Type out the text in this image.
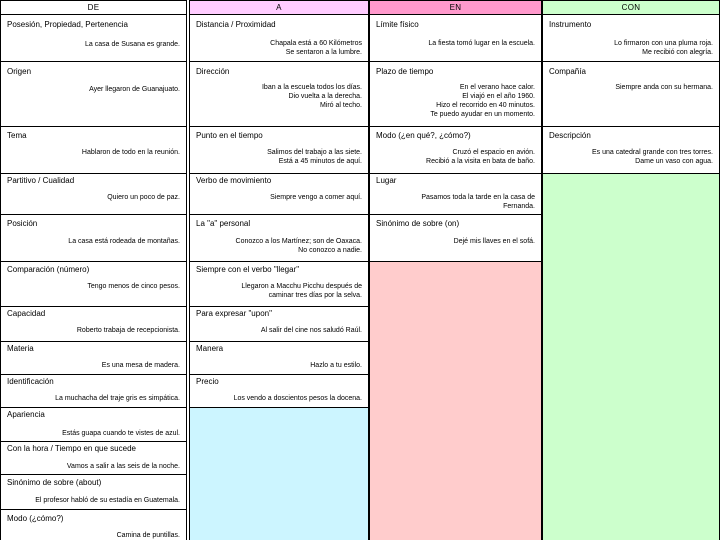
DE
Posesión, Propiedad, Pertenencia
La casa de Susana es grande.
Origen
Ayer llegaron de Guanajuato.
Tema
Hablaron de todo en la reunión.
Partitivo / Cualidad
Quiero un poco de paz.
Posición
La casa está rodeada de montañas.
Comparación (número)
Tengo menos de cinco pesos.
Capacidad
Roberto trabaja de recepcionista.
Materia
Es una mesa de madera.
Identificación
La muchacha del traje gris es simpática.
Apariencia
Estás guapa cuando te vistes de azul.
Con la hora / Tiempo en que sucede
Vamos a salir a las seis de la noche.
Sinónimo de sobre (about)
El profesor habló de su estadía en Guatemala.
Modo (¿cómo?)
Camina de puntillas.
A
Distancia / Proximidad
Chapala está a 60 Kilómetros
Se sentaron a la lumbre.
Dirección
Iban a la escuela todos los días.
Dio vuelta a la derecha.
Miró al techo.
Punto en el tiempo
Salimos del trabajo a las siete.
Está a 45 minutos de aquí.
Verbo de movimiento
Siempre vengo a comer aquí.
La "a" personal
Conozco a los Martínez; son de Oaxaca.
No conozco a nadie.
Siempre con el verbo "llegar"
Llegaron a Macchu Picchu después de
caminar tres días por la selva.
Para expresar "upon"
Al salir del cine nos saludó Raúl.
Manera
Hazlo a tu estilo.
Precio
Los vendo a doscientos pesos la docena.
EN
Límite físico
La fiesta tomó lugar en la escuela.
Plazo de tiempo
En el verano hace calor.
El viajó en el año 1960.
Hizo el recorrido en 40 minutos.
Te puedo ayudar en un momento.
Modo (¿en qué?, ¿cómo?)
Cruzó el espacio en avión.
Recibió a la visita en bata de baño.
Lugar
Pasamos toda la tarde en la casa de
Fernanda.
Sinónimo de sobre (on)
Dejé mis llaves en el sofá.
CON
Instrumento
Lo firmaron con una pluma roja.
Me recibió con alegría.
Compañía
Siempre anda con su hermana.
Descripción
Es una catedral grande con tres torres.
Dame un vaso con agua.
